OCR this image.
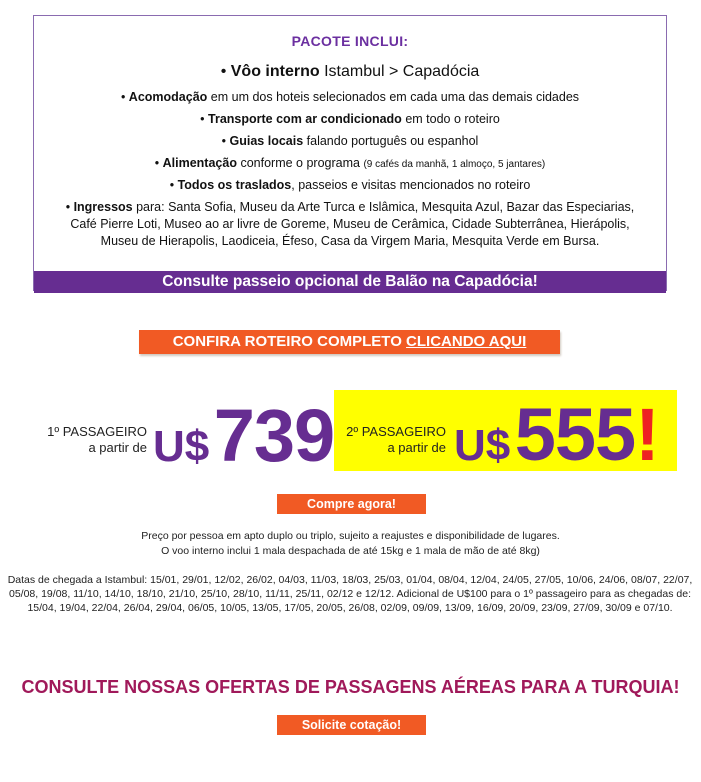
PACOTE INCLUI:
• Vôo interno Istambul > Capadócia
• Acomodação em um dos hoteis selecionados em cada uma das demais cidades
• Transporte com ar condicionado em todo o roteiro
• Guias locais falando português ou espanhol
• Alimentação conforme o programa (9 cafés da manhã, 1 almoço, 5 jantares)
• Todos os traslados, passeios e visitas mencionados no roteiro
• Ingressos para: Santa Sofia, Museu da Arte Turca e Islâmica, Mesquita Azul, Bazar das Especiarias,
Café Pierre Loti, Museo ao ar livre de Goreme, Museu de Cerâmica, Cidade Subterrânea, Hierápolis,
Museu de Hierapolis, Laodiceia, Éfeso, Casa da Virgem Maria, Mesquita Verde em Bursa.
Consulte passeio opcional de Balão na Capadócia!
CONFIRA ROTEIRO COMPLETO CLICANDO AQUI
1º PASSAGEIRO
a partir de U$ 739 2º PASSAGEIRO
a partir de U$ 555!
Compre agora!
Preço por pessoa em apto duplo ou triplo, sujeito a reajustes e disponibilidade de lugares.
O voo interno inclui 1 mala despachada de até 15kg e 1 mala de mão de até 8kg)
Datas de chegada a Istambul: 15/01, 29/01, 12/02, 26/02, 04/03, 11/03, 18/03, 25/03, 01/04, 08/04, 12/04, 24/05, 27/05, 10/06, 24/06, 08/07, 22/07, 05/08, 19/08, 11/10, 14/10, 18/10, 21/10, 25/10, 28/10, 11/11, 25/11, 02/12 e 12/12. Adicional de U$100 para o 1º passageiro para as chegadas de: 15/04, 19/04, 22/04, 26/04, 29/04, 06/05, 10/05, 13/05, 17/05, 20/05, 26/08, 02/09, 09/09, 13/09, 16/09, 20/09, 23/09, 27/09, 30/09 e 07/10.
CONSULTE NOSSAS OFERTAS DE PASSAGENS AÉREAS PARA A TURQUIA!
Solicite cotação!
